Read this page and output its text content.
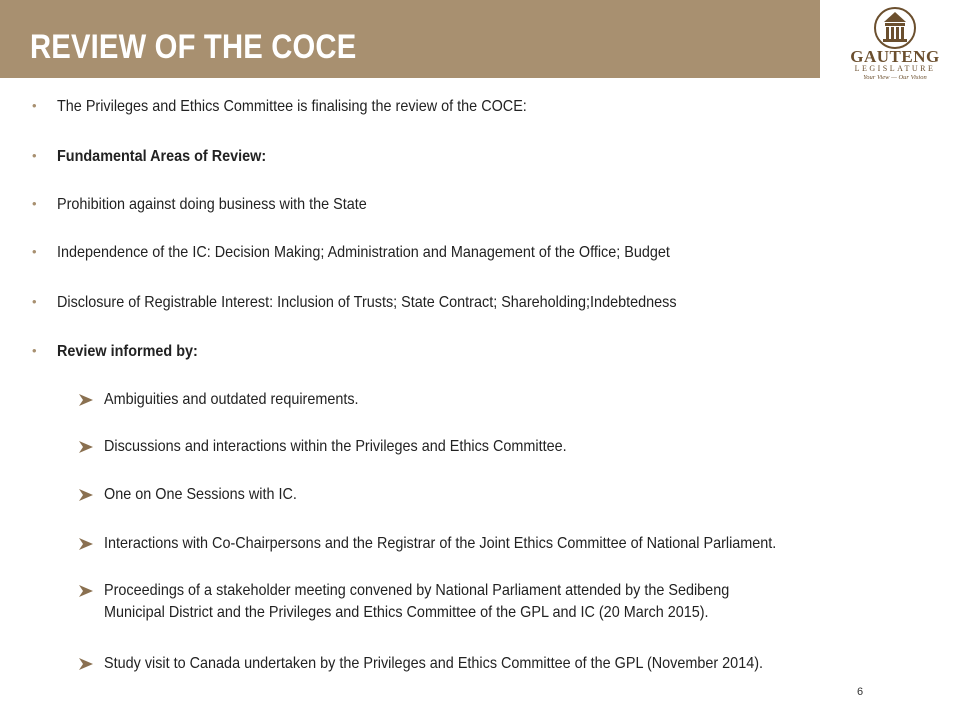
REVIEW OF THE COCE	GAUTENG
LEGISLATURE
Your View — Our Vision
• The Privileges and Ethics Committee is finalising the review of the COCE:
• Fundamental Areas of Review:
• Prohibition against doing business with the State
• Independence of the IC: Decision Making; Administration and Management of the Office; Budget
• Disclosure of Registrable Interest: Inclusion of Trusts; State Contract; Shareholding;Indebtedness
• Review informed by:
Ambiguities and outdated requirements.
Discussions and interactions within the Privileges and Ethics Committee.
One on One Sessions with IC.
Interactions with Co-Chairpersons and the Registrar of the Joint Ethics Committee of National Parliament.
Proceedings of a stakeholder meeting convened by National Parliament attended by the Sedibeng
Municipal District and the Privileges and Ethics Committee of the GPL and IC (20 March 2015).
Study visit to Canada undertaken by the Privileges and Ethics Committee of the GPL (November 2014).
6
